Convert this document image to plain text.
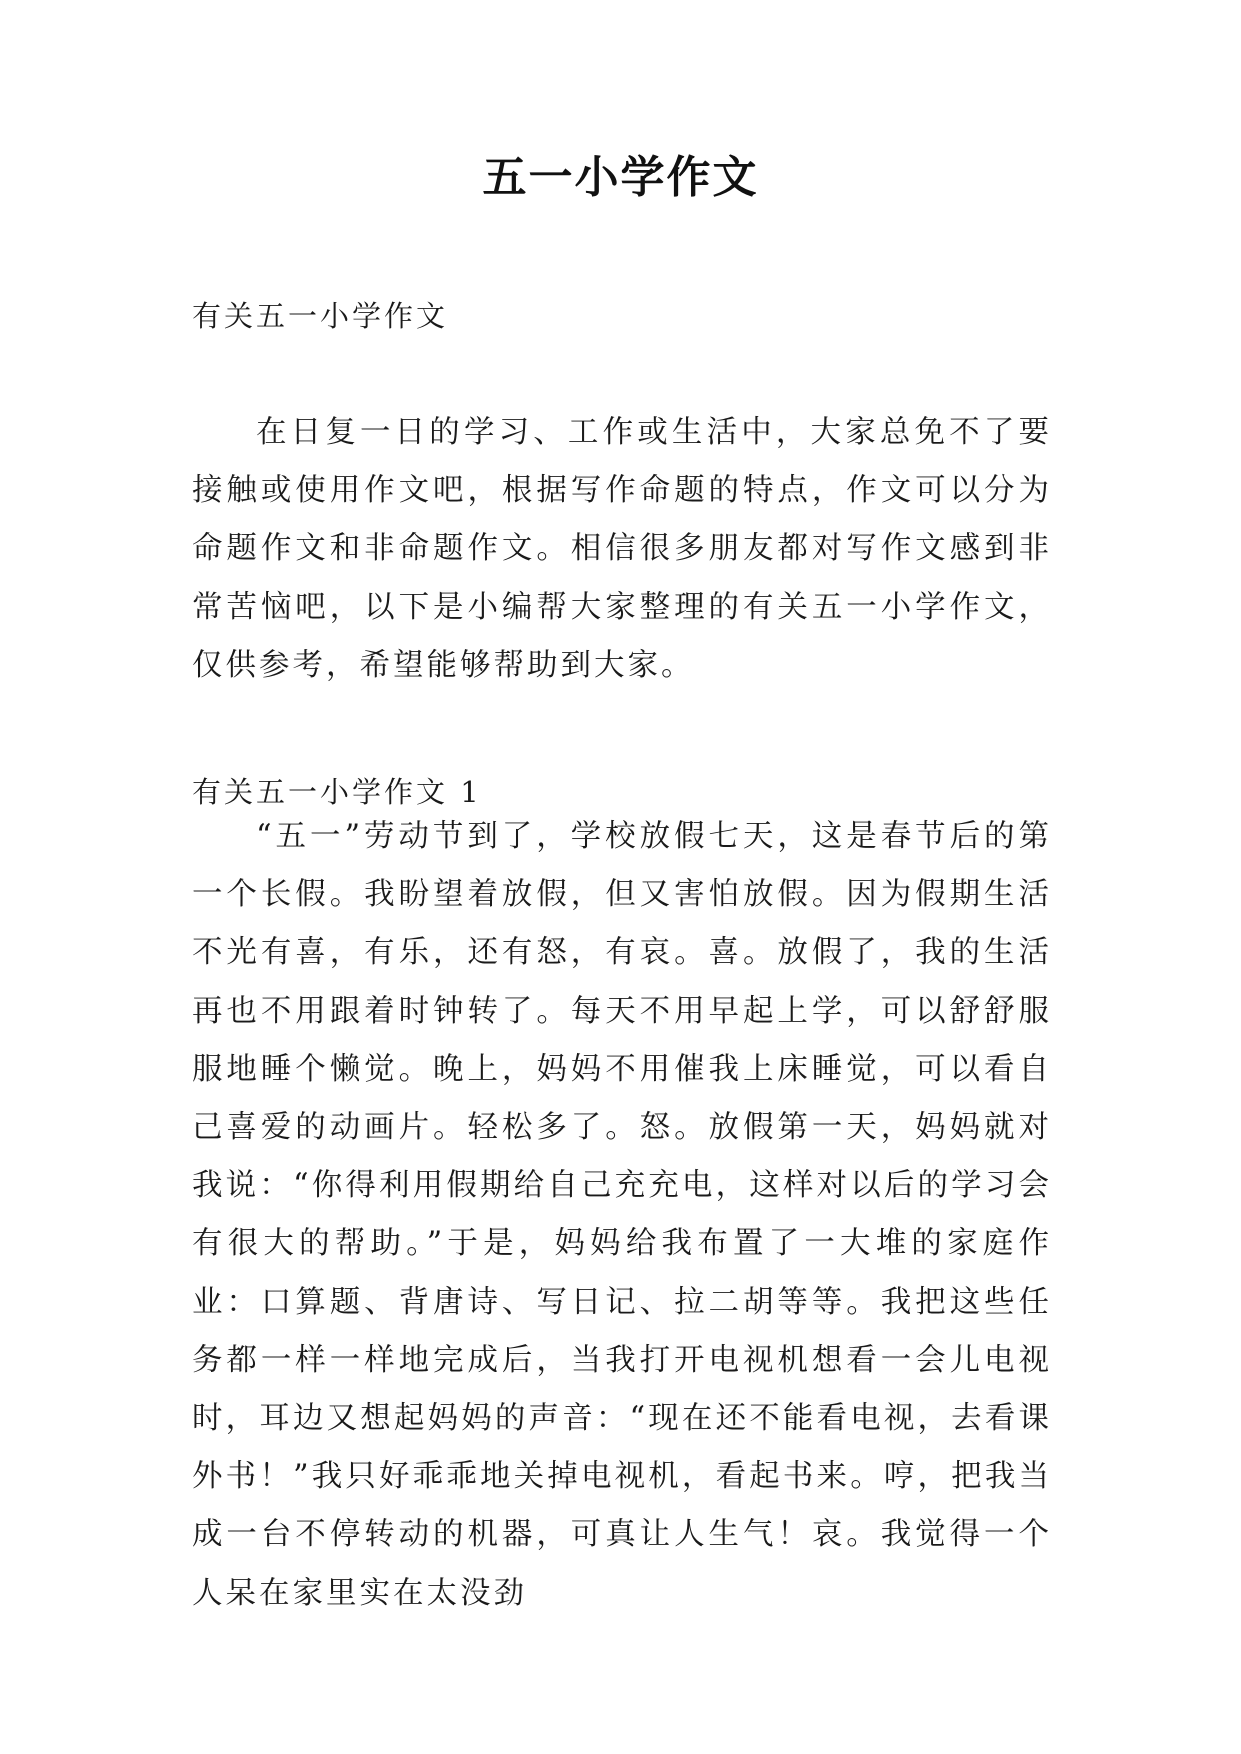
五一小学作文
有关五一小学作文

在日复一日的学习、工作或生活中，大家总免不了要接触或使用作文吧，根据写作命题的特点，作文可以分为命题作文和非命题作文。相信很多朋友都对写作文感到非常苦恼吧，以下是小编帮大家整理的有关五一小学作文，仅供参考，希望能够帮助到大家。

有关五一小学作文 1

“五一”劳动节到了，学校放假七天，这是春节后的第一个长假。我盼望着放假，但又害怕放假。因为假期生活不光有喜，有乐，还有怒，有哀。喜。放假了，我的生活再也不用跟着时钟转了。每天不用早起上学，可以舒舒服服地睡个懒觉。晚上，妈妈不用催我上床睡觉，可以看自己喜爱的动画片。轻松多了。怒。放假第一天，妈妈就对我说：“你得利用假期给自己充充电，这样对以后的学习会有很大的帮助。”于是，妈妈给我布置了一大堆的家庭作业：口算题、背唐诗、写日记、拉二胡等等。我把这些任务都一样一样地完成后，当我打开电视机想看一会儿电视时，耳边又想起妈妈的声音：“现在还不能看电视，去看课外书！”我只好乖乖地关掉电视机，看起书来。哼，把我当成一台不停转动的机器，可真让人生气！哀。我觉得一个人呆在家里实在太没劲
